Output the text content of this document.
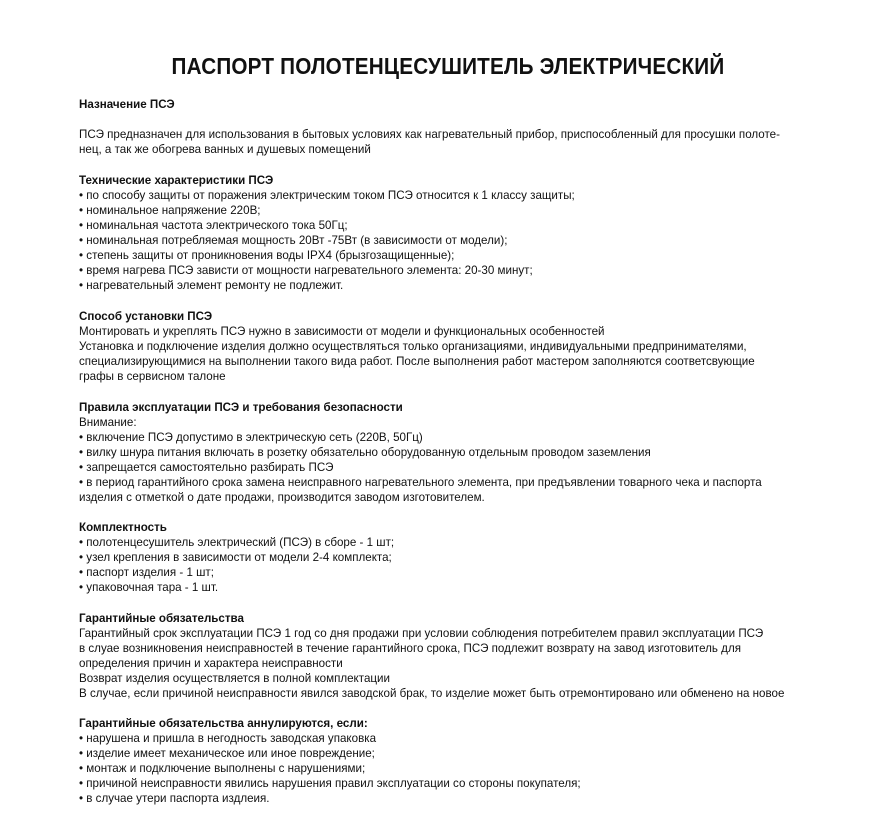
ПАСПОРТ ПОЛОТЕНЦЕСУШИТЕЛЬ ЭЛЕКТРИЧЕСКИЙ
Назначение ПСЭ
ПСЭ предназначен для использования в бытовых условиях как нагревательный прибор, приспособленный для просушки полоте-
нец, а так же обогрева ванных и душевых помещений
Технические характеристики ПСЭ
• по способу защиты от поражения электрическим током ПСЭ относится к 1 классу защиты;
• номинальное напряжение 220В;
• номинальная частота электрического тока 50Гц;
• номинальная потребляемая мощность 20Вт -75Вт (в зависимости от модели);
• степень защиты от проникновения воды IPX4 (брызгозащищенные);
• время нагрева ПСЭ зависти от мощности нагревательного элемента: 20-30 минут;
• нагревательный элемент ремонту не подлежит.
Способ установки ПСЭ
Монтировать и укреплять ПСЭ нужно в зависимости от модели и функциональных особенностей
Установка и подключение изделия должно осуществляться только организациями, индивидуальными предпринимателями,
специализирующимися на выполнении такого вида работ. После выполнения работ мастером заполняются соответсвующие
графы в сервисном талоне
Правила эксплуатации ПСЭ и требования безопасности
Внимание:
• включение ПСЭ допустимо в электрическую сеть (220В, 50Гц)
• вилку шнура питания включать в розетку обязательно оборудованную отдельным проводом заземления
• запрещается самостоятельно разбирать ПСЭ
• в период гарантийного срока замена неисправного нагревательного элемента, при предъявлении товарного чека и паспорта
изделия с отметкой о дате продажи, производится заводом изготовителем.
Комплектность
• полотенцесушитель электрический (ПСЭ) в сборе - 1 шт;
• узел крепления в зависимости от модели 2-4 комплекта;
• паспорт изделия - 1 шт;
• упаковочная тара - 1 шт.
Гарантийные обязательства
Гарантийный срок эксплуатации ПСЭ 1 год со дня продажи при условии соблюдения потребителем правил эксплуатации ПСЭ
в слуае возникновения неисправностей в течение гарантийного срока, ПСЭ подлежит возврату на завод изготовитель для
определения причин и характера неисправности
Возврат изделия осуществляется в полной комплектации
В случае, если причиной неисправности явился заводской брак, то изделие может быть отремонтировано или обменено на новое
Гарантийные обязательства аннулируются, если:
• нарушена и пришла в негодность заводская упаковка
• изделие имеет механическое или иное повреждение;
• монтаж и подключение выполнены с нарушениями;
• причиной неисправности явились нарушения правил эксплуатации со стороны покупателя;
• в случае утери паспорта издлеия.
